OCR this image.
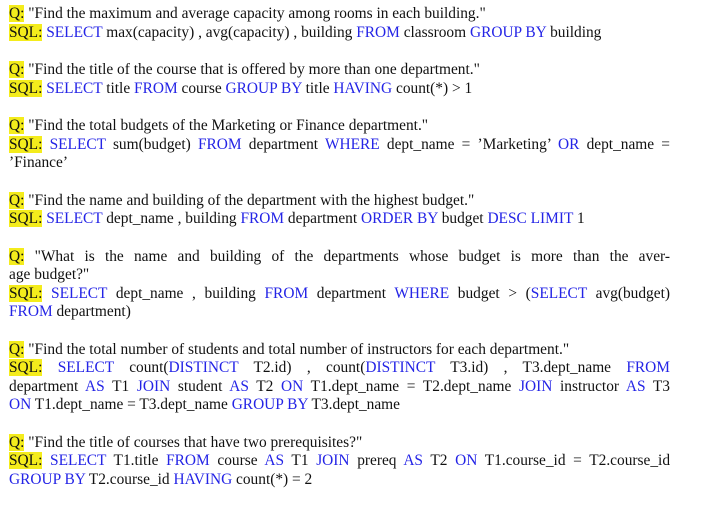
Q: "Find the maximum and average capacity among rooms in each building."
SQL: SELECT max(capacity) , avg(capacity) , building FROM classroom GROUP BY building
Q: "Find the title of the course that is offered by more than one department."
SQL: SELECT title FROM course GROUP BY title HAVING count(*) > 1
Q: "Find the total budgets of the Marketing or Finance department."
SQL: SELECT sum(budget) FROM department WHERE dept_name = ’Marketing’ OR dept_name =
’Finance’
Q: "Find the name and building of the department with the highest budget."
SQL: SELECT dept_name , building FROM department ORDER BY budget DESC LIMIT 1
Q: "What is the name and building of the departments whose budget is more than the aver-
age budget?"
SQL: SELECT dept_name , building FROM department WHERE budget > (SELECT avg(budget)
FROM department)
Q: "Find the total number of students and total number of instructors for each department."
SQL: SELECT count(DISTINCT T2.id) , count(DISTINCT T3.id) , T3.dept_name FROM
department AS T1 JOIN student AS T2 ON T1.dept_name = T2.dept_name JOIN instructor AS T3
ON T1.dept_name = T3.dept_name GROUP BY T3.dept_name
Q: "Find the title of courses that have two prerequisites?"
SQL: SELECT T1.title FROM course AS T1 JOIN prereq AS T2 ON T1.course_id = T2.course_id
GROUP BY T2.course_id HAVING count(*) = 2
